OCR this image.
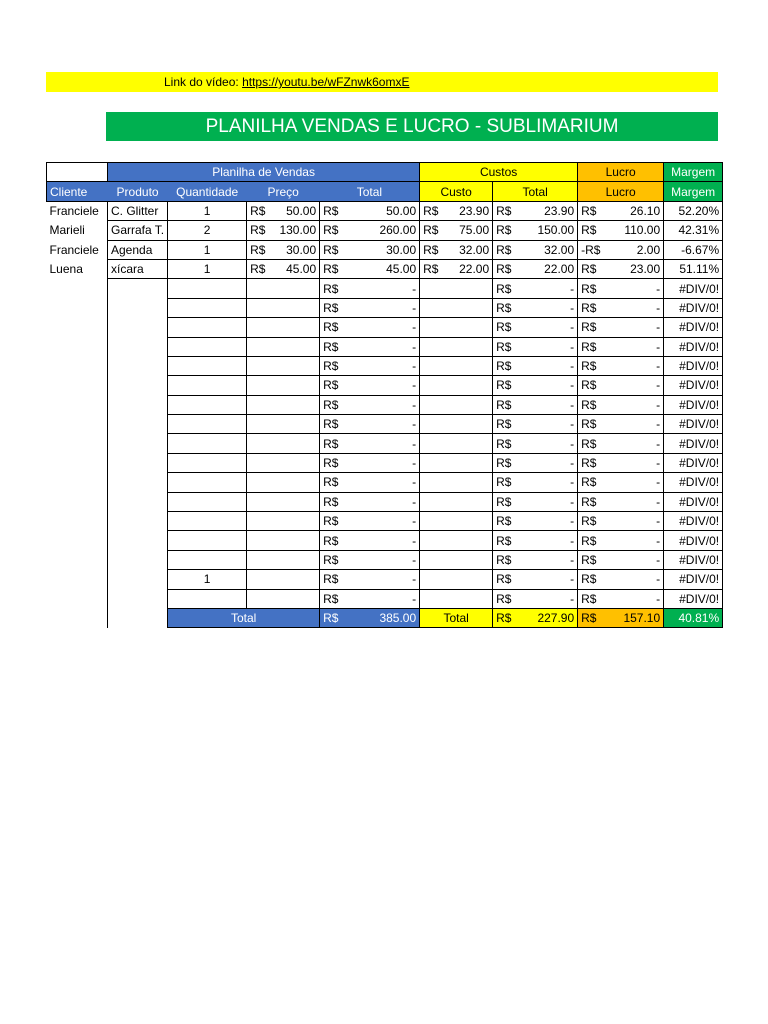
Link do vídeo: https://youtu.be/wFZnwk6omxE
PLANILHA VENDAS E LUCRO - SUBLIMARIUM
	Planilha de Vendas				Custos		Lucro	Margem
Cliente	Produto	Quantidade	Preço	Total	Custo	Total	Lucro	Margem
Franciele	C. Glitter	1	R$ 50.00	R$ 50.00	R$ 23.90	R$ 23.90	R$ 26.10	52.20%
Marieli	Garrafa T.	2	R$ 130.00	R$ 260.00	R$ 75.00	R$ 150.00	R$ 110.00	42.31%
Franciele	Agenda	1	R$ 30.00	R$ 30.00	R$ 32.00	R$ 32.00	-R$ 2.00	-6.67%
Luena	xícara	1	R$ 45.00	R$ 45.00	R$ 22.00	R$ 22.00	R$ 23.00	51.11%

				R$ -		R$ -	R$ -	#DIV/0!

				R$ -		R$ -	R$ -	#DIV/0!

				R$ -		R$ -	R$ -	#DIV/0!

				R$ -		R$ -	R$ -	#DIV/0!

				R$ -		R$ -	R$ -	#DIV/0!

				R$ -		R$ -	R$ -	#DIV/0!

				R$ -		R$ -	R$ -	#DIV/0!

				R$ -		R$ -	R$ -	#DIV/0!

				R$ -		R$ -	R$ -	#DIV/0!

				R$ -		R$ -	R$ -	#DIV/0!

				R$ -		R$ -	R$ -	#DIV/0!

				R$ -		R$ -	R$ -	#DIV/0!

				R$ -		R$ -	R$ -	#DIV/0!

				R$ -		R$ -	R$ -	#DIV/0!

				R$ -		R$ -	R$ -	#DIV/0!
		1		R$ -		R$ -	R$ -	#DIV/0!

				R$ -		R$ -	R$ -	#DIV/0!
		Total		R$ 385.00	Total	R$ 227.90	R$ 157.10	40.81%
